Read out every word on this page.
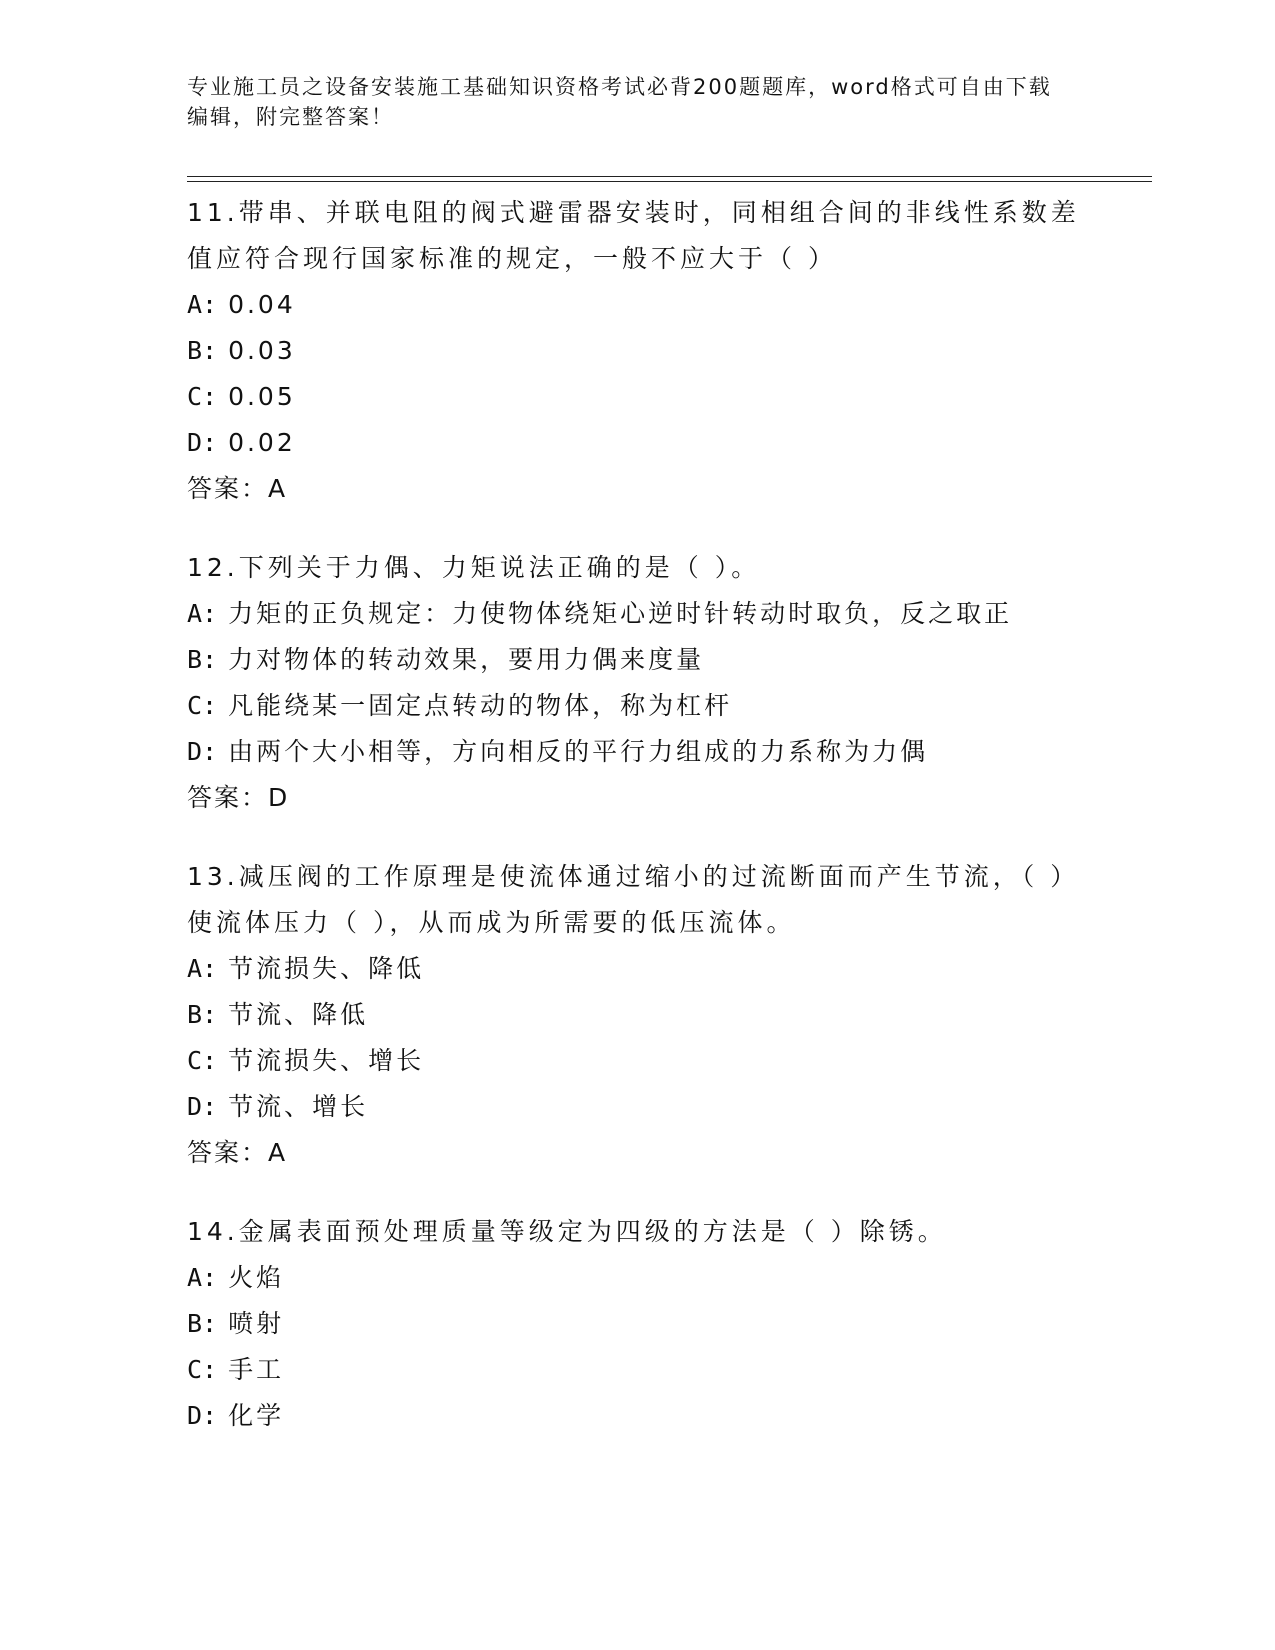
专业施工员之设备安装施工基础知识资格考试必背200题题库，word格式可自由下载编辑，附完整答案！
11.带串、并联电阻的阀式避雷器安装时，同相组合间的非线性系数差值应符合现行国家标准的规定，一般不应大于（ ）
A: 0.04
B: 0.03
C: 0.05
D: 0.02
答案：A
12.下列关于力偶、力矩说法正确的是（ ）。
A: 力矩的正负规定：力使物体绕矩心逆时针转动时取负，反之取正
B: 力对物体的转动效果，要用力偶来度量
C: 凡能绕某一固定点转动的物体，称为杠杆
D: 由两个大小相等，方向相反的平行力组成的力系称为力偶
答案：D
13.减压阀的工作原理是使流体通过缩小的过流断面而产生节流，（ ）使流体压力（ ），从而成为所需要的低压流体。
A: 节流损失、降低
B: 节流、降低
C: 节流损失、增长
D: 节流、增长
答案：A
14.金属表面预处理质量等级定为四级的方法是（ ）除锈。
A: 火焰
B: 喷射
C: 手工
D: 化学
